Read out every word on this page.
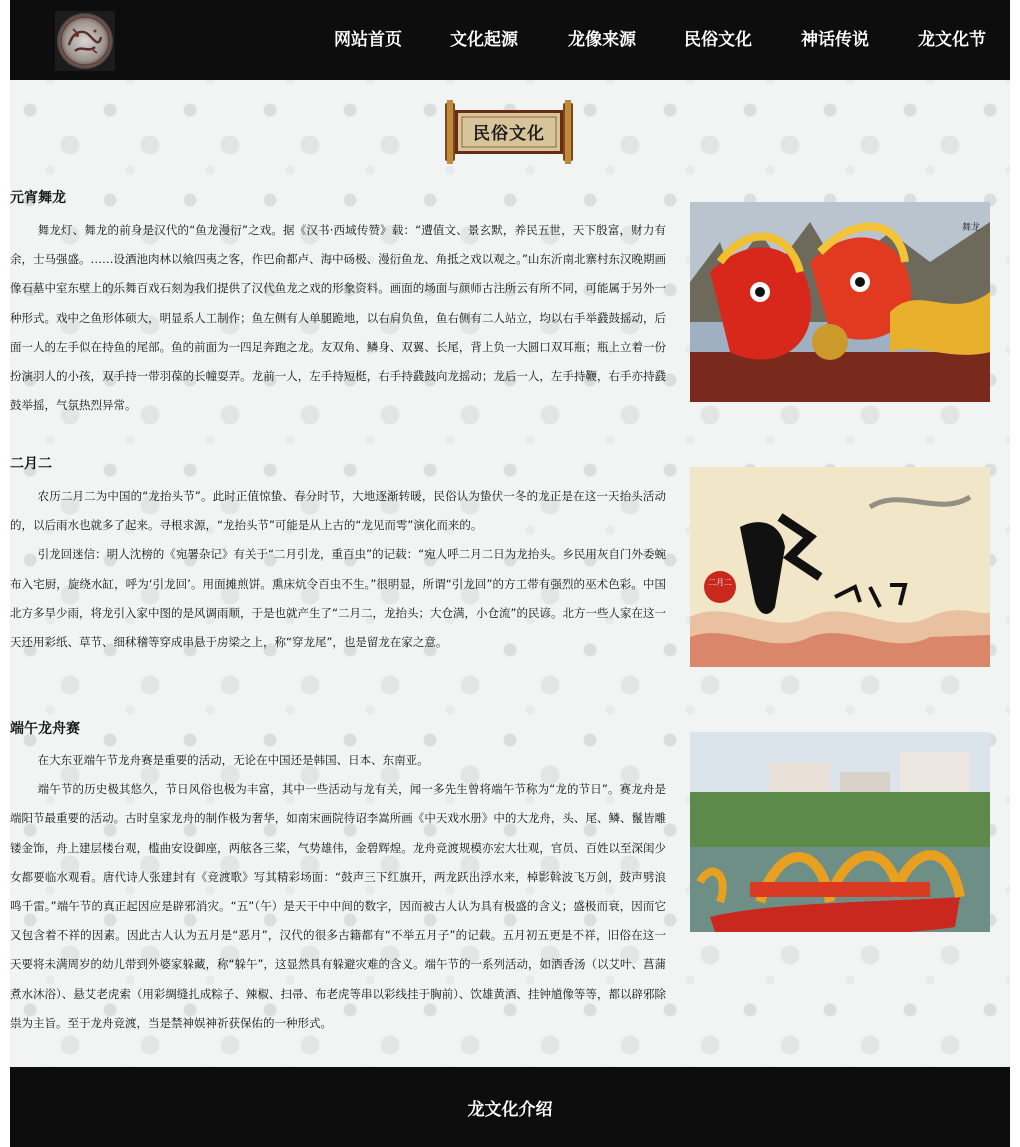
网站首页	文化起源	龙像来源	民俗文化	神话传说	龙文化节
民俗文化
元宵舞龙

舞龙灯、舞龙的前身是汉代的“鱼龙漫衍”之戏。据《汉书·西域传赞》载：“遭值文、景玄默，养民五世，天下殷富，财力有余，士马强盛。……设酒池肉林以飨四夷之客，作巴俞都卢、海中砀极、漫衍鱼龙、角抵之戏以观之。”山东沂南北寨村东汉晚期画像石墓中室东壁上的乐舞百戏石刻为我们提供了汉代鱼龙之戏的形象资料。画面的场面与颜师古注所云有所不同，可能属于另外一种形式。戏中之鱼形体硕大，明显系人工制作；鱼左侧有人单腿跪地，以右肩负鱼，鱼右侧有二人站立，均以右手举鼗鼓摇动，后面一人的左手似在持鱼的尾部。鱼的前面为一四足奔跑之龙。友双角、鳞身、双翼、长尾，背上负一大圆口双耳瓶；瓶上立着一份扮演羽人的小孩，双手持一带羽葆的长幢耍弄。龙前一人，左手持短梃，右手持鼗鼓向龙摇动；龙后一人，左手持鞭，右手亦持鼗鼓举摇，气氛热烈异常。

舞龙
二月二

农历二月二为中国的“龙抬头节”。此时正值惊蛰、春分时节，大地逐渐转暖，民俗认为蛰伏一冬的龙正是在这一天抬头活动的，以后雨水也就多了起来。寻根求源，“龙抬头节”可能是从上古的“龙见而雩”演化而来的。

引龙回迷信：明人沈榜的《宛署杂记》有关于“二月引龙，重百虫”的记载：“宛人呼二月二日为龙抬头。乡民用灰自门外委蜿布入宅厨，旋绕水缸，呼为‘引龙回’。用面摊煎饼。熏床炕令百虫不生。”很明显，所谓“引龙回”的方工带有强烈的巫术色彩。中国北方多旱少雨，将龙引入家中图的是风调雨顺，于是也就产生了“二月二，龙抬头；大仓满，小仓流”的民谚。北方一些人家在这一天还用彩纸、草节、细秫稽等穿成串悬于房梁之上，称“穿龙尾”，也是留龙在家之意。

二月二
端午龙舟赛

在大东亚端午节龙舟赛是重要的活动，无论在中国还是韩国、日本、东南亚。

端午节的历史极其悠久，节日风俗也极为丰富，其中一些活动与龙有关，闻一多先生曾将端午节称为“龙的节日”。赛龙舟是端阳节最重要的活动。古时皇家龙舟的制作极为奢华，如南宋画院待诏李嵩所画《中天戏水册》中的大龙舟，头、尾、鳞、鬣皆雕镂金饰，舟上建层楼台观，槛曲安设御座，两舷各三桨，气势雄伟，金碧辉煌。龙舟竞渡规模亦宏大壮观，官员、百姓以至深闺少女都要临水观看。唐代诗人张建封有《竞渡歌》写其精彩场面：“鼓声三下红旗开，两龙跃出浮水来，棹影斡波飞万剑，鼓声劈浪鸣千雷。”端午节的真正起因应是辟邪消灾。“五”（午）是天干中中间的数字，因而被古人认为具有极盛的含义；盛极而衰，因而它又包含着不祥的因素。因此古人认为五月是“恶月”，汉代的很多古籍都有“不举五月子”的记载。五月初五更是不祥，旧俗在这一天要将未满周岁的幼儿带到外婆家躲藏，称“躲午”，这显然具有躲避灾难的含义。端午节的一系列活动，如洒香汤（以艾叶、菖蒲煮水沐浴）、悬艾老虎索（用彩绸缝扎成粽子、辣椒、扫帚、布老虎等串以彩线挂于胸前）、饮雄黄酒、挂钟馗像等等，都以辟邪除祟为主旨。至于龙舟竞渡，当是禁神娱神祈获保佑的一种形式。

龙文化介绍
